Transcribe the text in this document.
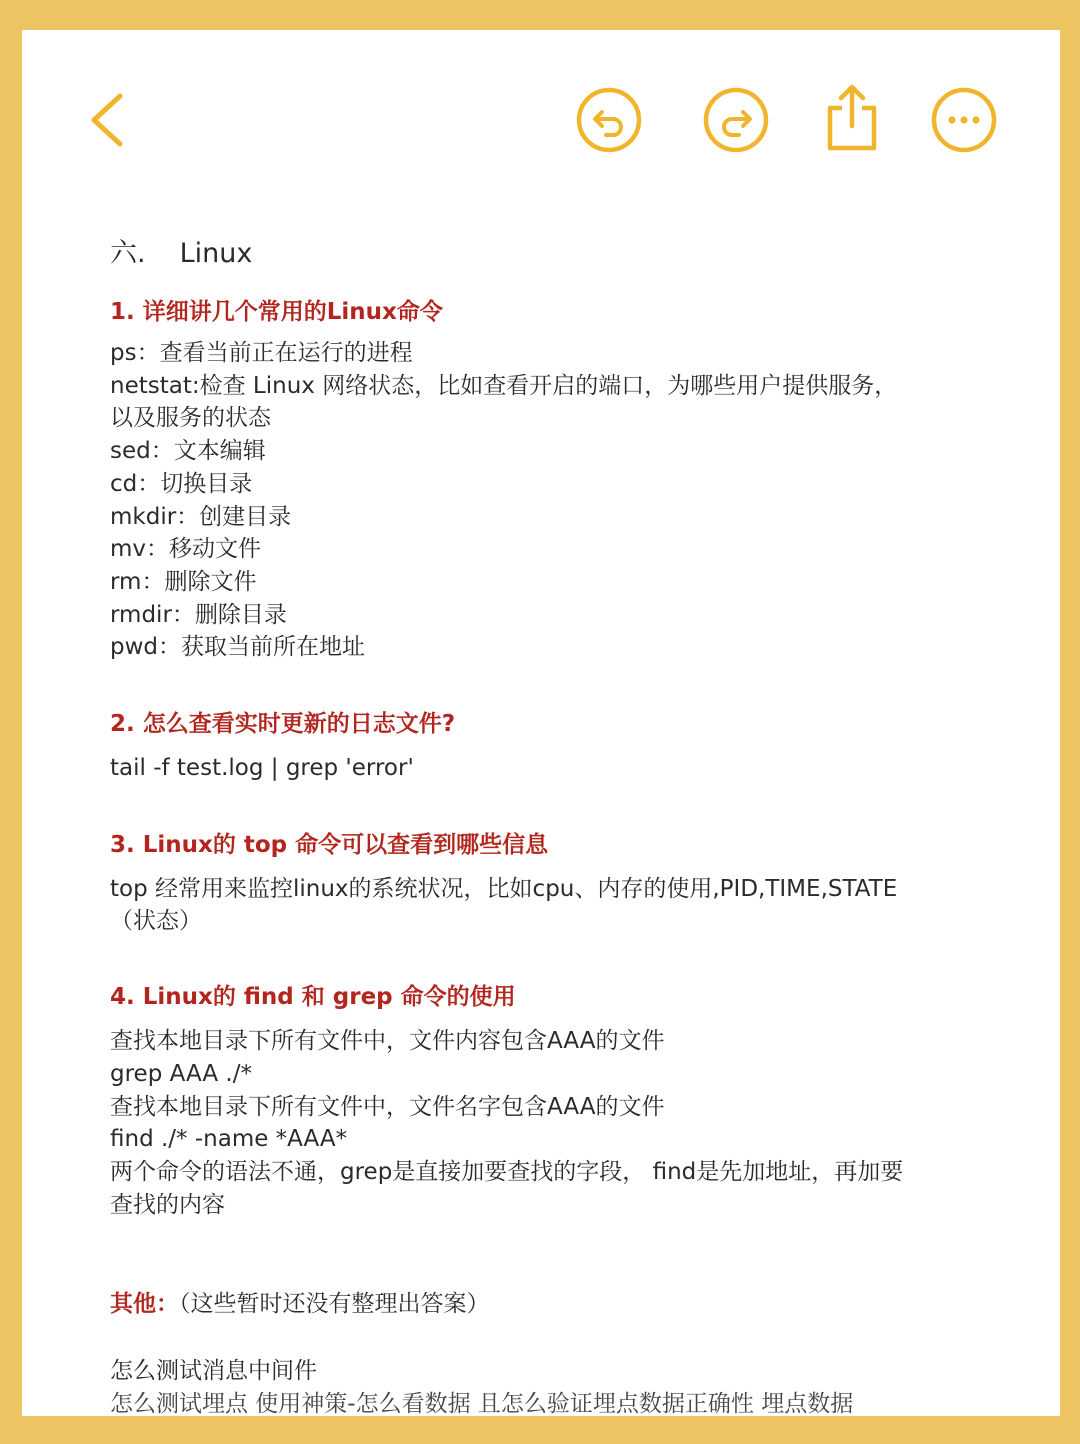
六. Linux
1. 详细讲几个常用的Linux命令
ps：查看当前正在运行的进程
netstat:检查 Linux 网络状态，比如查看开启的端口，为哪些用户提供服务，
以及服务的状态
sed：文本编辑
cd：切换目录
mkdir：创建目录
mv：移动文件
rm：删除文件
rmdir：删除目录
pwd：获取当前所在地址
2. 怎么查看实时更新的日志文件?
tail -f test.log | grep 'error'
3. Linux的 top 命令可以查看到哪些信息
top 经常用来监控linux的系统状况，比如cpu、内存的使用,PID,TIME,STATE
（状态）
4. Linux的 find 和 grep 命令的使用
查找本地目录下所有文件中，文件内容包含AAA的文件
grep AAA ./*
查找本地目录下所有文件中，文件名字包含AAA的文件
find ./* -name *AAA*
两个命令的语法不通，grep是直接加要查找的字段， find是先加地址，再加要
查找的内容
其他：（这些暂时还没有整理出答案）
怎么测试消息中间件
怎么测试埋点 使用神策-怎么看数据 且怎么验证埋点数据正确性 埋点数据
